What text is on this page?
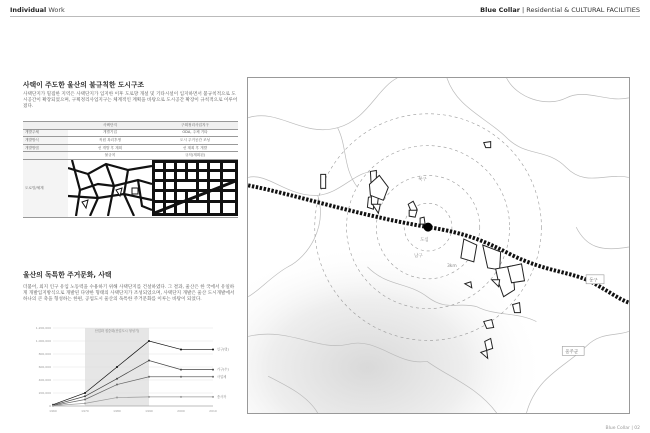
Individual Work	Blue Collar | Residential & CULTURAL FACILITIES
사택이 주도한 울산의 불규칙한 도시구조
사택단지가 밀집한 지역은 사택단지가 입지한 이후 도로망 개설 및 기타시설이 입지하면서 불규칙적으로 도시공간이 확장되었으며, 구획정리사업지구는 체계적인 계획을 바탕으로 도시공간 확장이 규칙적으로 이루어졌다.
	사택단지	구획정리사업지구
개발주체	개별기업	ODA, 주체 기타
개발방식	직원 복리후생	도시 주거공간 조성
개발방법	선 개발 후 계획	선 계획 후 개발
	불규칙	규칙(계획된)
도로망/체계		
울산의 독특한 주거문화, 사택
더불어, 외지 인구 유입 노동력을 수용하기 위해 사택단지를 건설하였다. 그 결과, 울산은 한 국에서 유일하게 개발입지방식으로 개발된 다양한 형태의 사택단지가 조성되었으며, 사택단지 개발은 울산 도시개발에서 하나의 큰 축을 형성하는 한편, 공업도시 울산의 독특한 주거문화를 이루는 바탕이 되었다.
산업화 집중화(산업도시 형성기)
0
200,000
400,000
600,000
800,000
1,000,000
1,200,000
1960	1970	1980	1990	2000	2010
인구(명)
가구(수)
사업체
종사자
도심
북구
남구
3km
동구
울주군
Blue Collar | 02
